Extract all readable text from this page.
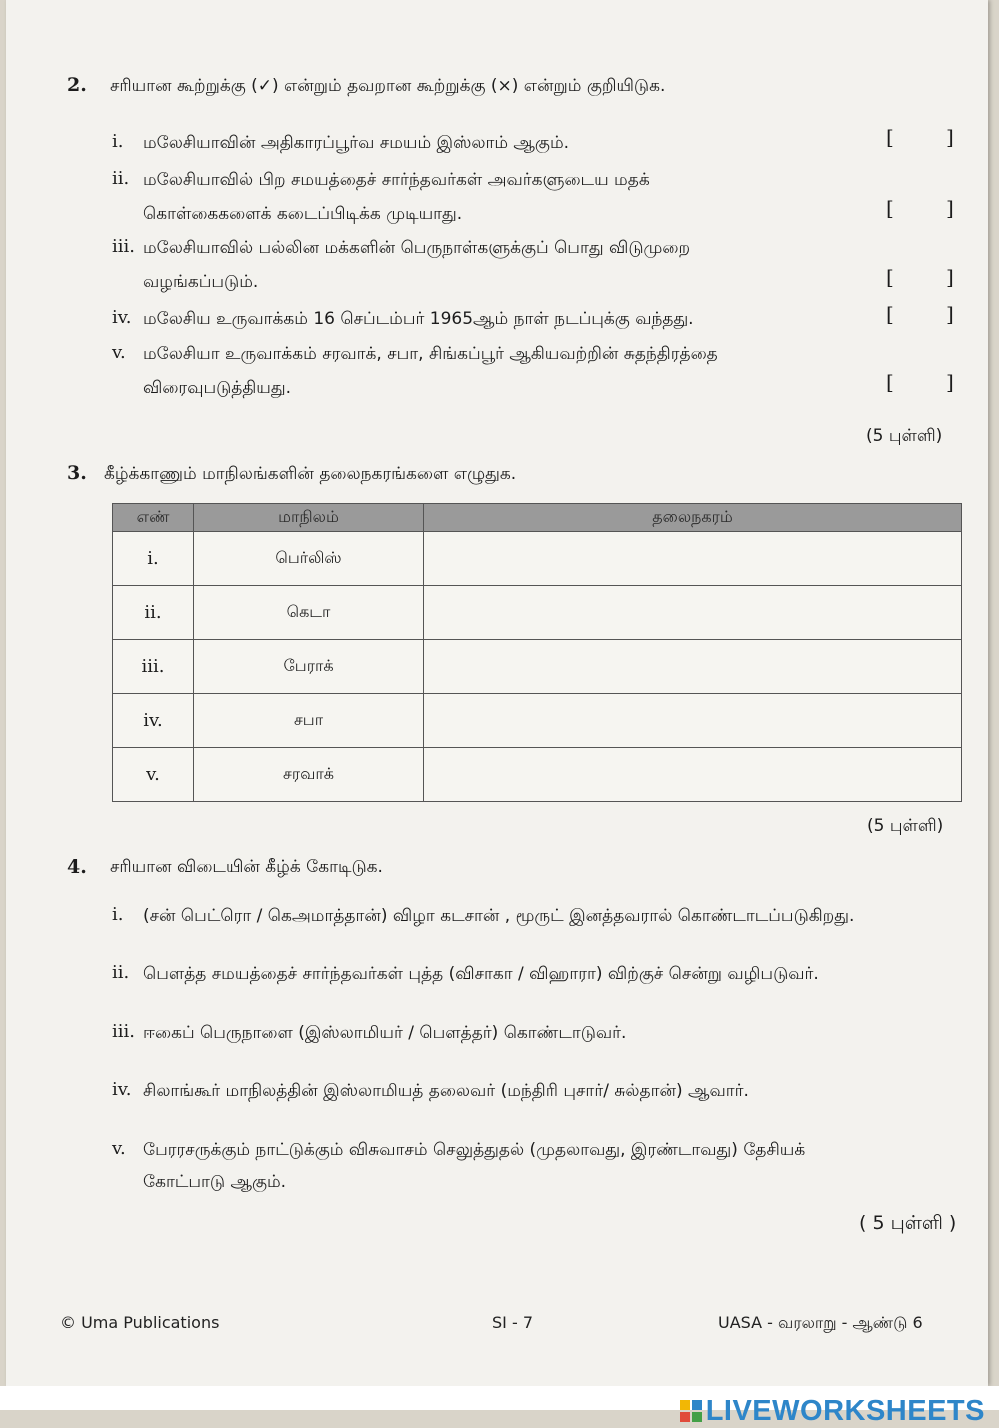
2. சரியான கூற்றுக்கு (✓) என்றும் தவறான கூற்றுக்கு (×) என்றும் குறியிடுக.
i. மலேசியாவின் அதிகாரப்பூர்வ சமயம் இஸ்லாம் ஆகும்.	[	]
ii. மலேசியாவில் பிற சமயத்தைச் சார்ந்தவர்கள் அவர்களுடைய மதக்
கொள்கைகளைக் கடைப்பிடிக்க முடியாது.	[	]
iii. மலேசியாவில் பல்லின மக்களின் பெருநாள்களுக்குப் பொது விடுமுறை
வழங்கப்படும்.	[	]
iv. மலேசிய உருவாக்கம் 16 செப்டம்பர் 1965ஆம் நாள் நடப்புக்கு வந்தது.	[	]
v. மலேசியா உருவாக்கம் சரவாக், சபா, சிங்கப்பூர் ஆகியவற்றின் சுதந்திரத்தை
விரைவுபடுத்தியது.	[	]
(5 புள்ளி)
3. கீழ்க்காணும் மாநிலங்களின் தலைநகரங்களை எழுதுக.
எண்	மாநிலம்	தலைநகரம்
i.	பெர்லிஸ்	
ii.	கெடா	
iii.	பேராக்	
iv.	சபா	
v.	சரவாக்	
(5 புள்ளி)
4. சரியான விடையின் கீழ்க் கோடிடுக.
i. (சன் பெட்ரொ / கெஅமாத்தான்) விழா கடசான் , மூருட் இனத்தவரால் கொண்டாடப்படுகிறது.
ii. பௌத்த சமயத்தைச் சார்ந்தவர்கள் புத்த (விசாகா / விஹாரா) விற்குச் சென்று வழிபடுவர்.
iii. ஈகைப் பெருநாளை (இஸ்லாமியர் / பௌத்தர்) கொண்டாடுவர்.
iv. சிலாங்கூர் மாநிலத்தின் இஸ்லாமியத் தலைவர் (மந்திரி புசார்/ சுல்தான்) ஆவார்.
v. பேரரசருக்கும் நாட்டுக்கும் விசுவாசம் செலுத்துதல் (முதலாவது, இரண்டாவது) தேசியக்
கோட்பாடு ஆகும்.
( 5 புள்ளி )
© Uma Publications	SI - 7	UASA - வரலாறு - ஆண்டு 6
LIVEWORKSHEETS
